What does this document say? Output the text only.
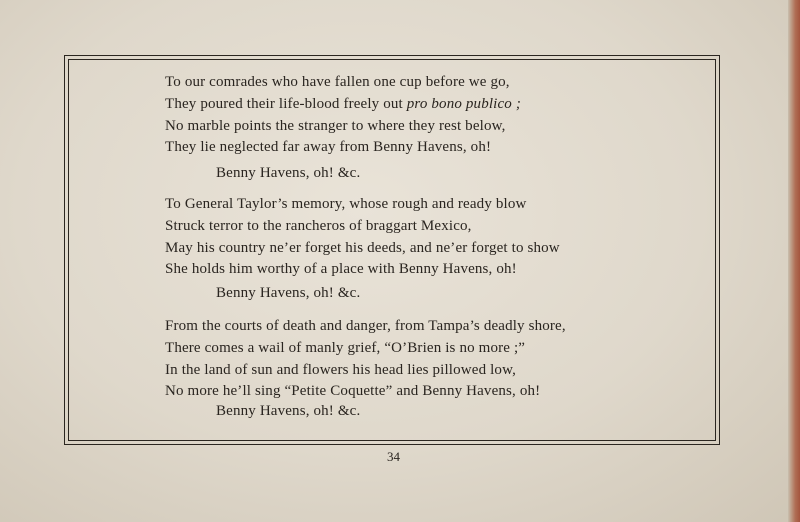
To our comrades who have fallen one cup before we go,
They poured their life-blood freely out pro bono publico ;
No marble points the stranger to where they rest below,
They lie neglected far away from Benny Havens, oh!
Benny Havens, oh! &c.
To General Taylor’s memory, whose rough and ready blow
Struck terror to the rancheros of braggart Mexico,
May his country ne’er forget his deeds, and ne’er forget to show
She holds him worthy of a place with Benny Havens, oh!
Benny Havens, oh! &c.
From the courts of death and danger, from Tampa’s deadly shore,
There comes a wail of manly grief, “O’Brien is no more ;”
In the land of sun and flowers his head lies pillowed low,
No more he’ll sing “Petite Coquette” and Benny Havens, oh!
Benny Havens, oh! &c.
34
